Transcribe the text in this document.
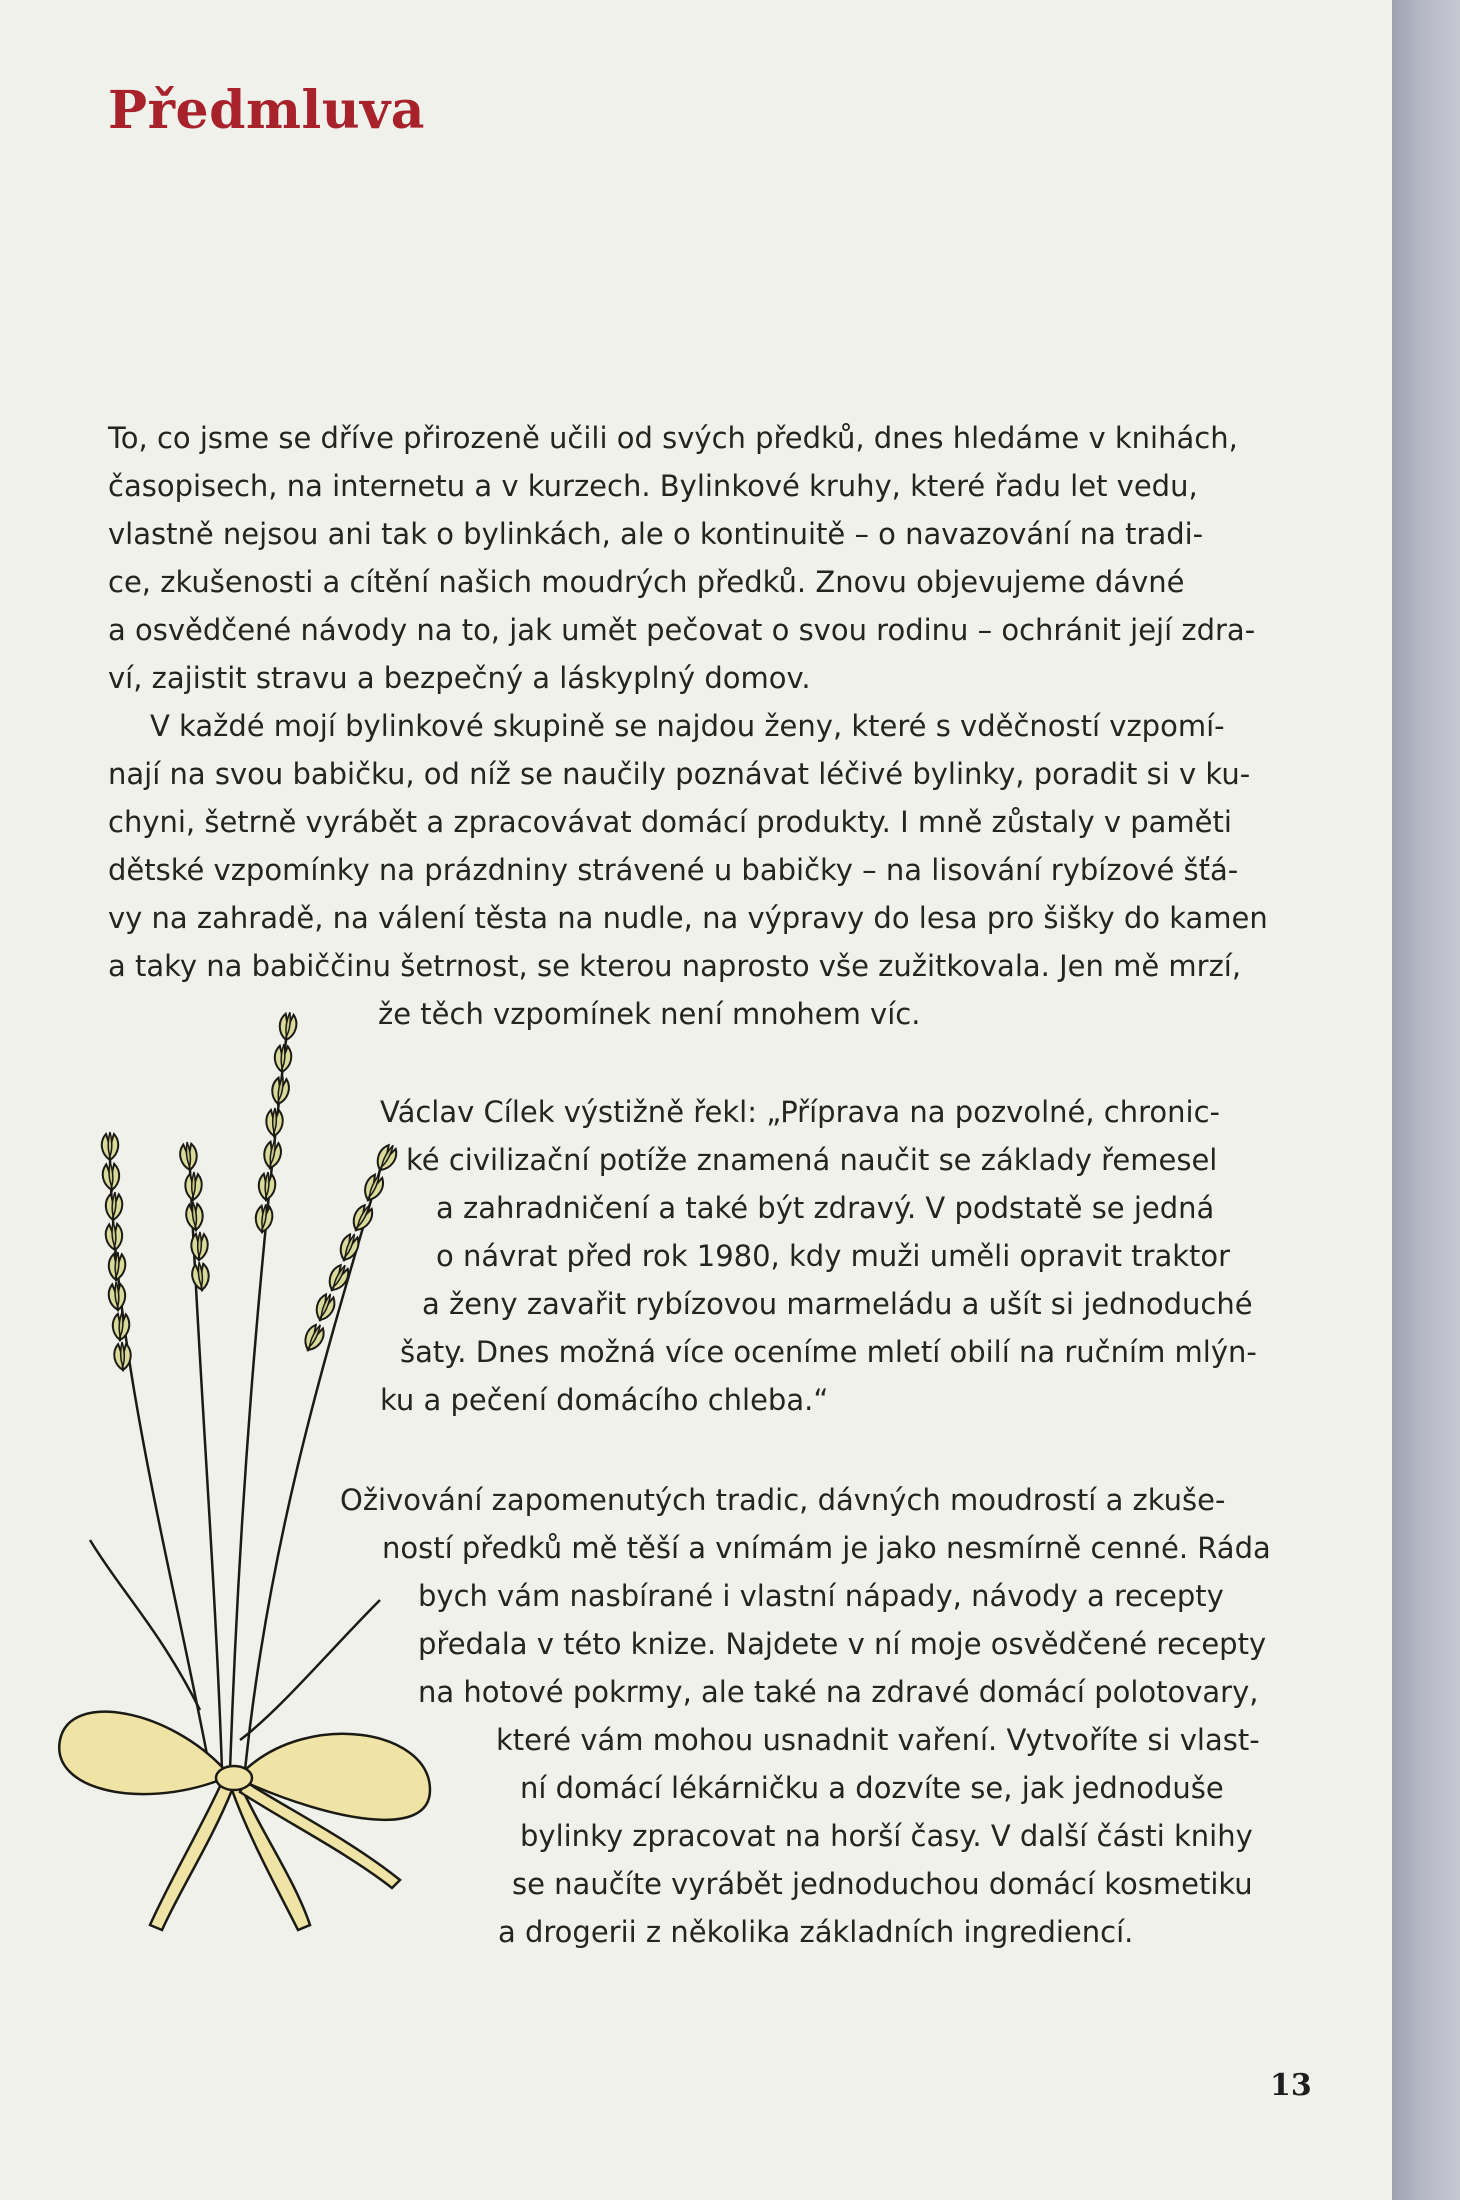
Předmluva

To, co jsme se dříve přirozeně učili od svých předků, dnes hledáme v knihách,

časopisech, na internetu a v kurzech. Bylinkové kruhy, které řadu let vedu,

vlastně nejsou ani tak o bylinkách, ale o kontinuitě – o navazování na tradi-

ce, zkušenosti a cítění našich moudrých předků. Znovu objevujeme dávné

a osvědčené návody na to, jak umět pečovat o svou rodinu – ochránit její zdra-

ví, zajistit stravu a bezpečný a láskyplný domov.

V každé mojí bylinkové skupině se najdou ženy, které s vděčností vzpomí-

nají na svou babičku, od níž se naučily poznávat léčivé bylinky, poradit si v ku-

chyni, šetrně vyrábět a zpracovávat domácí produkty. I mně zůstaly v paměti

dětské vzpomínky na prázdniny strávené u babičky – na lisování rybízové šťá-

vy na zahradě, na válení těsta na nudle, na výpravy do lesa pro šišky do kamen

a taky na babiččinu šetrnost, se kterou naprosto vše zužitkovala. Jen mě mrzí,

že těch vzpomínek není mnohem víc.

Václav Cílek výstižně řekl: „Příprava na pozvolné, chronic-

ké civilizační potíže znamená naučit se základy řemesel

a zahradničení a také být zdravý. V podstatě se jedná

o návrat před rok 1980, kdy muži uměli opravit traktor

a ženy zavařit rybízovou marmeládu a ušít si jednoduché

šaty. Dnes možná více oceníme mletí obilí na ručním mlýn-

ku a pečení domácího chleba.“

Oživování zapomenutých tradic, dávných moudrostí a zkuše-

ností předků mě těší a vnímám je jako nesmírně cenné. Ráda

bych vám nasbírané i vlastní nápady, návody a recepty

předala v této knize. Najdete v ní moje osvědčené recepty

na hotové pokrmy, ale také na zdravé domácí polotovary,

které vám mohou usnadnit vaření. Vytvoříte si vlast-

ní domácí lékárničku a dozvíte se, jak jednoduše

bylinky zpracovat na horší časy. V další části knihy

se naučíte vyrábět jednoduchou domácí kosmetiku

a drogerii z několika základních ingrediencí.

13
